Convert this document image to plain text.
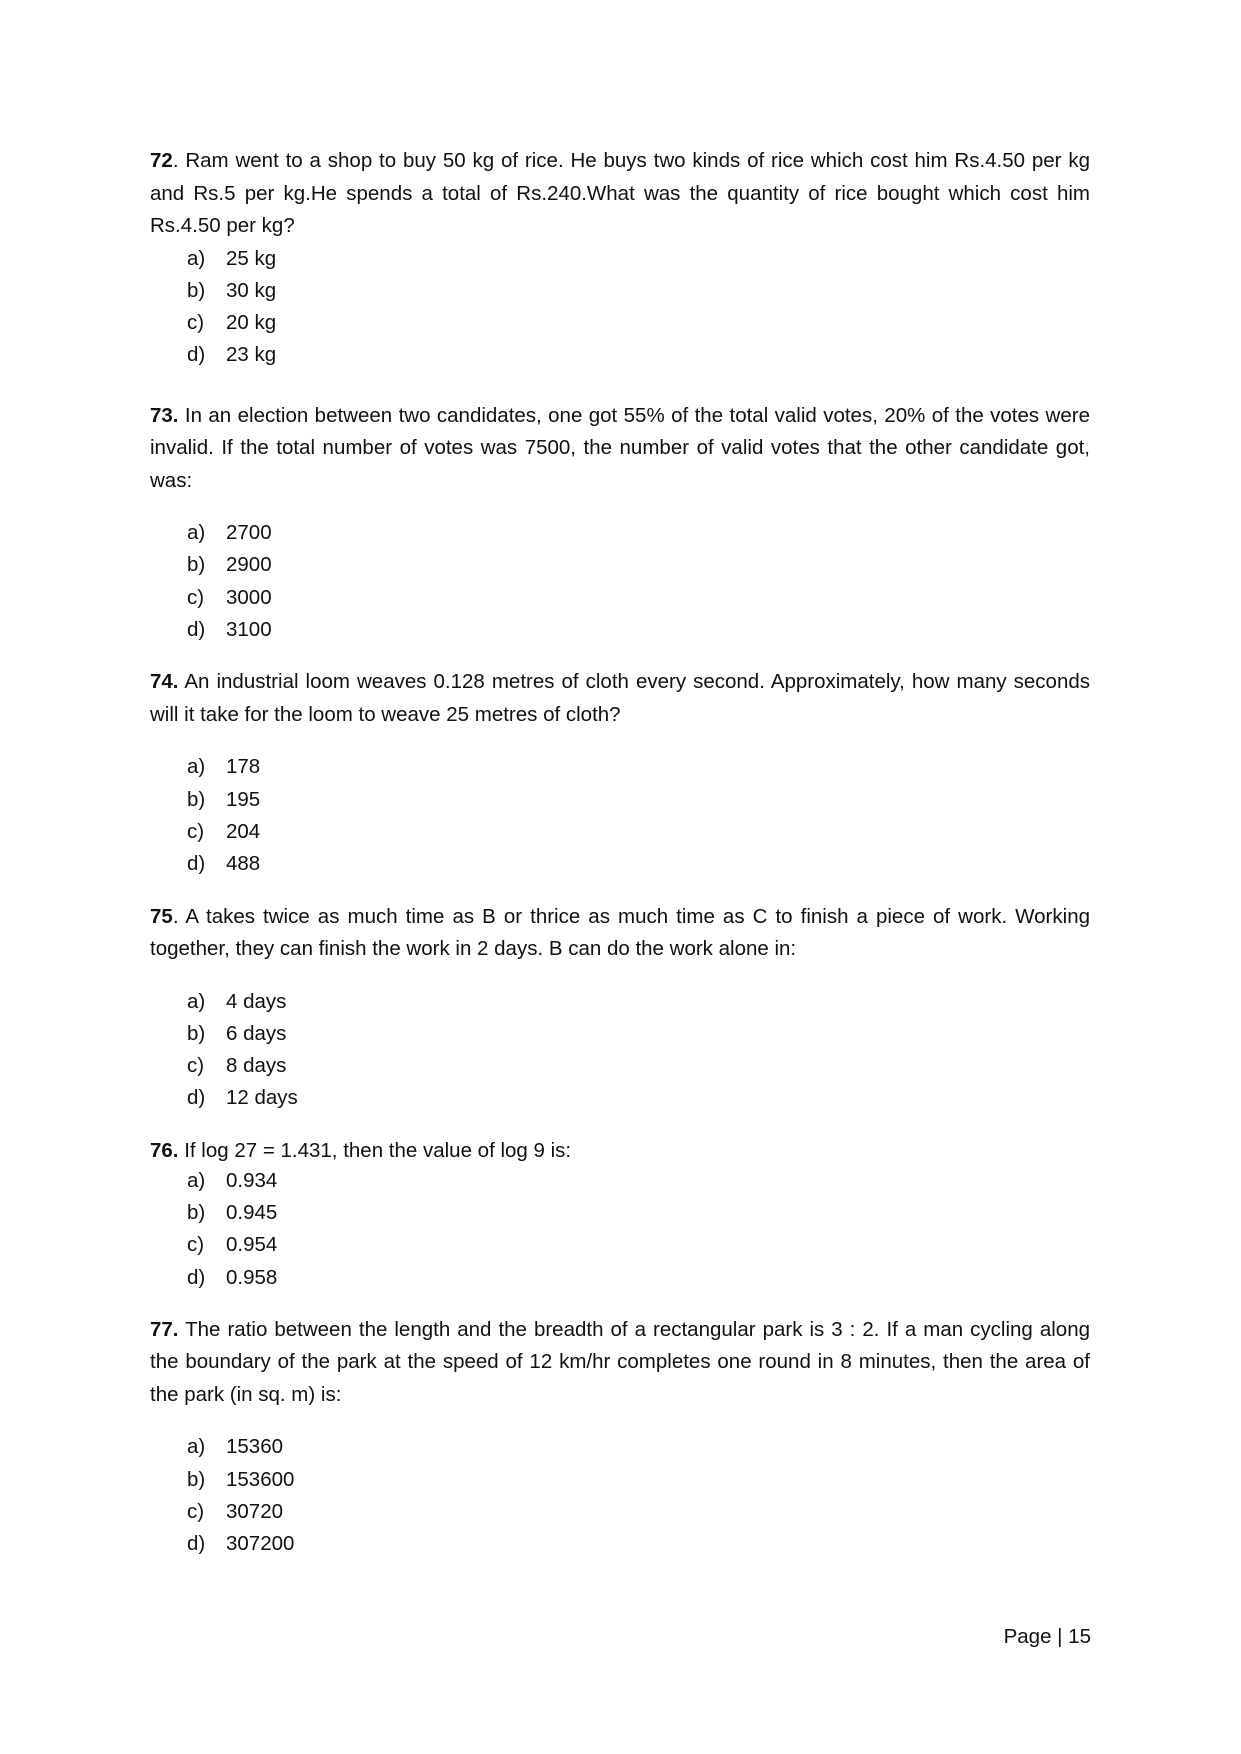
72. Ram went to a shop to buy 50 kg of rice. He buys two kinds of rice which cost him Rs.4.50 per kg and Rs.5 per kg.He spends a total of Rs.240.What was the quantity of rice bought which cost him Rs.4.50 per kg?

a)	25 kg
b)	30 kg
c)	20 kg
d)	23 kg

73. In an election between two candidates, one got 55% of the total valid votes, 20% of the votes were invalid. If the total number of votes was 7500, the number of valid votes that the other candidate got, was:

a)	2700
b)	2900
c)	3000
d)	3100

74. An industrial loom weaves 0.128 metres of cloth every second. Approximately, how many seconds will it take for the loom to weave 25 metres of cloth?

a)	178
b)	195
c)	204
d)	488

75. A takes twice as much time as B or thrice as much time as C to finish a piece of work. Working together, they can finish the work in 2 days. B can do the work alone in:

a)	4 days
b)	6 days
c)	8 days
d)	12 days

76. If log 27 = 1.431, then the value of log 9 is:

a)	0.934
b)	0.945
c)	0.954
d)	0.958

77. The ratio between the length and the breadth of a rectangular park is 3 : 2. If a man cycling along the boundary of the park at the speed of 12 km/hr completes one round in 8 minutes, then the area of the park (in sq. m) is:

a)	15360
b)	153600
c)	30720
d)	307200
Page | 15
